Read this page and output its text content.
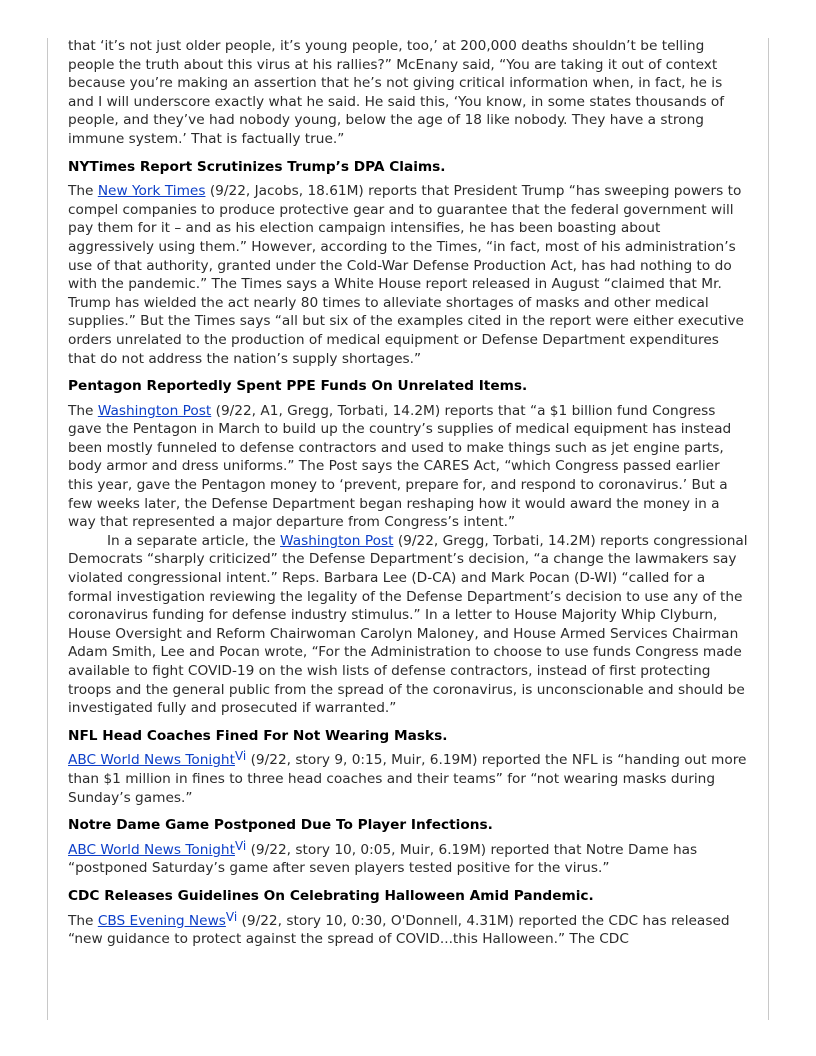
that ‘it’s not just older people, it’s young people, too,’ at 200,000 deaths shouldn’t be telling people the truth about this virus at his rallies?” McEnany said, “You are taking it out of context because you’re making an assertion that he’s not giving critical information when, in fact, he is and I will underscore exactly what he said. He said this, ‘You know, in some states thousands of people, and they’ve had nobody young, below the age of 18 like nobody. They have a strong immune system.’ That is factually true.”

NYTimes Report Scrutinizes Trump’s DPA Claims.

The New York Times (9/22, Jacobs, 18.61M) reports that President Trump “has sweeping powers to compel companies to produce protective gear and to guarantee that the federal government will pay them for it – and as his election campaign intensifies, he has been boasting about aggressively using them.” However, according to the Times, “in fact, most of his administration’s use of that authority, granted under the Cold-War Defense Production Act, has had nothing to do with the pandemic.” The Times says a White House report released in August “claimed that Mr. Trump has wielded the act nearly 80 times to alleviate shortages of masks and other medical supplies.” But the Times says “all but six of the examples cited in the report were either executive orders unrelated to the production of medical equipment or Defense Department expenditures that do not address the nation’s supply shortages.”

Pentagon Reportedly Spent PPE Funds On Unrelated Items.

The Washington Post (9/22, A1, Gregg, Torbati, 14.2M) reports that “a $1 billion fund Congress gave the Pentagon in March to build up the country’s supplies of medical equipment has instead been mostly funneled to defense contractors and used to make things such as jet engine parts, body armor and dress uniforms.” The Post says the CARES Act, “which Congress passed earlier this year, gave the Pentagon money to ‘prevent, prepare for, and respond to coronavirus.’ But a few weeks later, the Defense Department began reshaping how it would award the money in a way that represented a major departure from Congress’s intent.”

In a separate article, the Washington Post (9/22, Gregg, Torbati, 14.2M) reports congressional Democrats “sharply criticized” the Defense Department’s decision, “a change the lawmakers say violated congressional intent.” Reps. Barbara Lee (D-CA) and Mark Pocan (D-WI) “called for a formal investigation reviewing the legality of the Defense Department’s decision to use any of the coronavirus funding for defense industry stimulus.” In a letter to House Majority Whip Clyburn, House Oversight and Reform Chairwoman Carolyn Maloney, and House Armed Services Chairman Adam Smith, Lee and Pocan wrote, “For the Administration to choose to use funds Congress made available to fight COVID-19 on the wish lists of defense contractors, instead of first protecting troops and the general public from the spread of the coronavirus, is unconscionable and should be investigated fully and prosecuted if warranted.”

NFL Head Coaches Fined For Not Wearing Masks.

ABC World News Tonight$^{Vi}$ (9/22, story 9, 0:15, Muir, 6.19M) reported the NFL is “handing out more than $1 million in fines to three head coaches and their teams” for “not wearing masks during Sunday’s games.”

Notre Dame Game Postponed Due To Player Infections.

ABC World News Tonight$^{Vi}$ (9/22, story 10, 0:05, Muir, 6.19M) reported that Notre Dame has “postponed Saturday’s game after seven players tested positive for the virus.”

CDC Releases Guidelines On Celebrating Halloween Amid Pandemic.

The CBS Evening News$^{Vi}$ (9/22, story 10, 0:30, O'Donnell, 4.31M) reported the CDC has released “new guidance to protect against the spread of COVID...this Halloween.” The CDC
